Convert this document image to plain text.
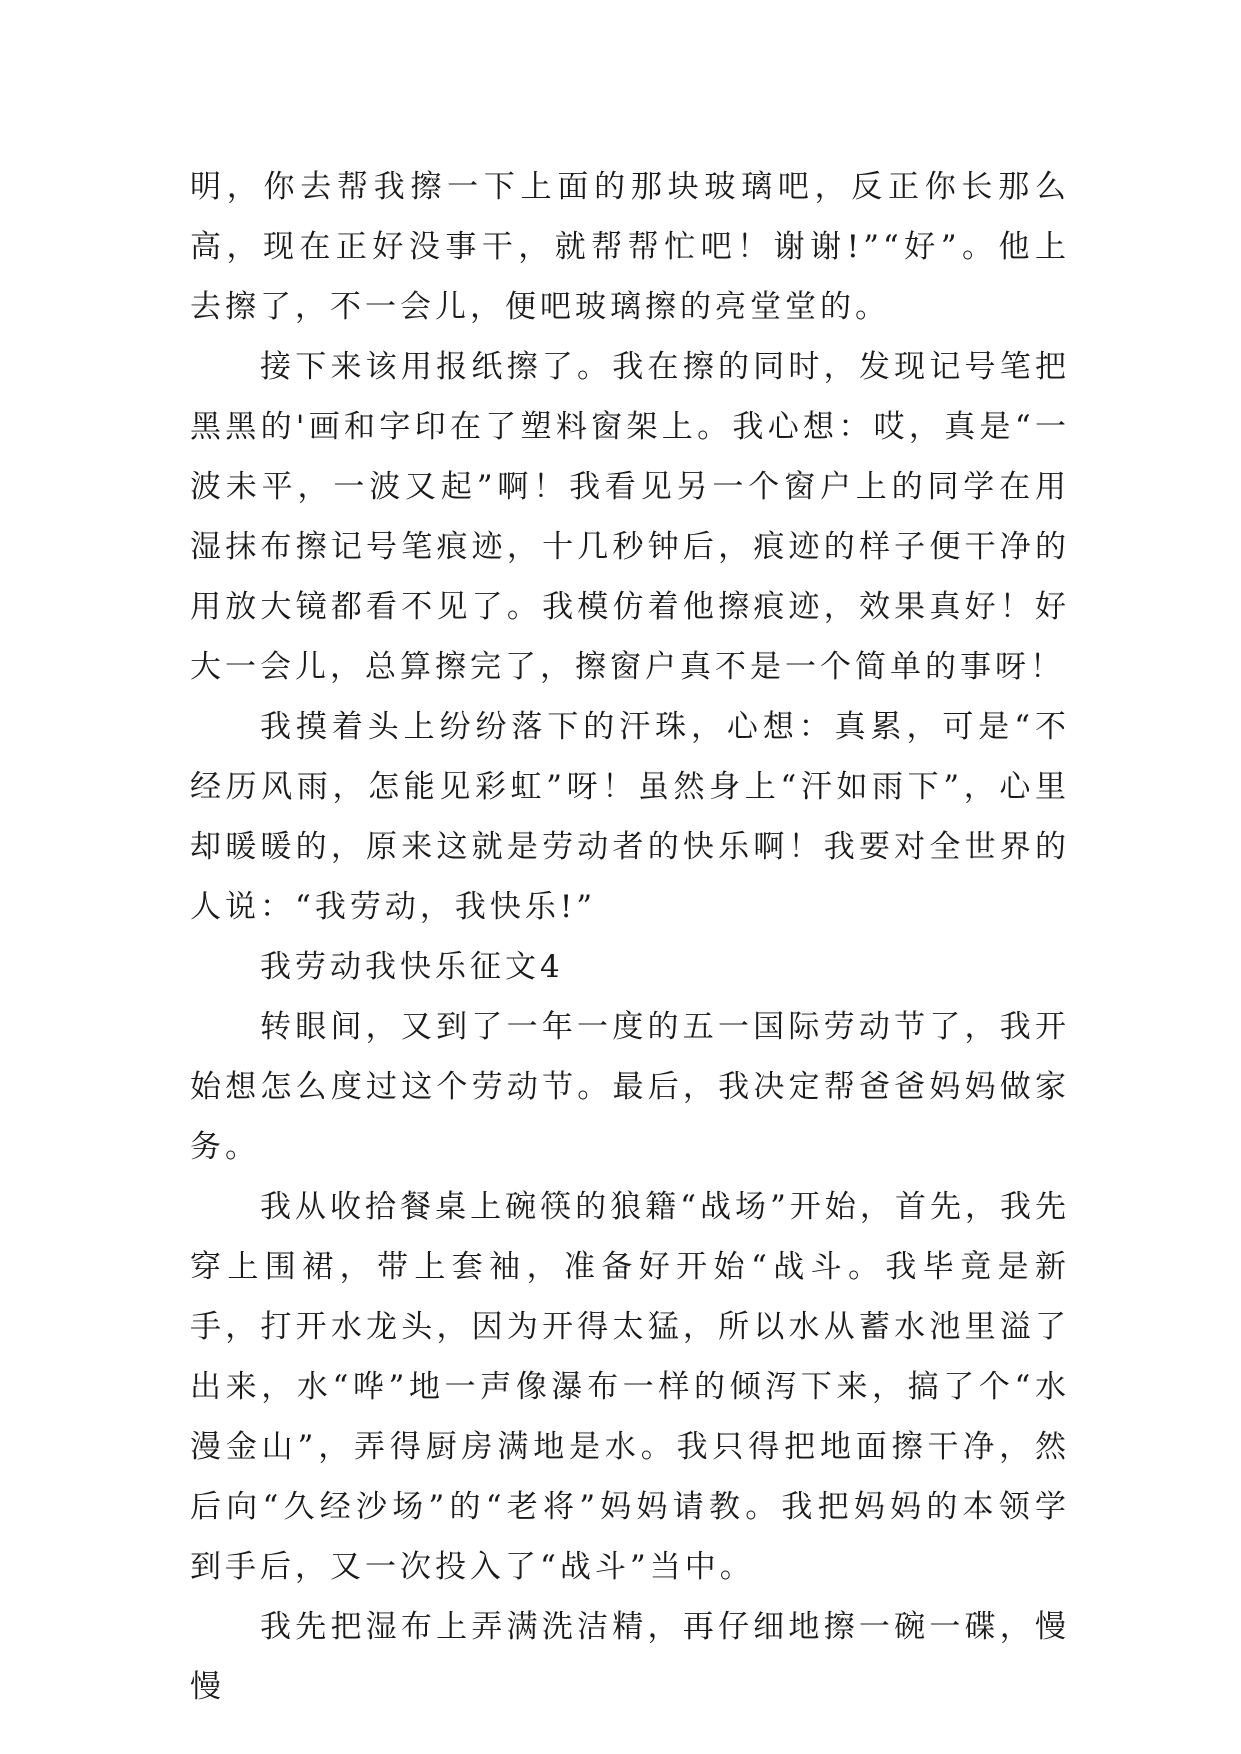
明，你去帮我擦一下上面的那块玻璃吧，反正你长那么高，现在正好没事干，就帮帮忙吧！谢谢!”“好”。他上去擦了，不一会儿，便吧玻璃擦的亮堂堂的。

接下来该用报纸擦了。我在擦的同时，发现记号笔把黑黑的'画和字印在了塑料窗架上。我心想：哎，真是“一波未平，一波又起”啊！我看见另一个窗户上的同学在用湿抹布擦记号笔痕迹，十几秒钟后，痕迹的样子便干净的用放大镜都看不见了。我模仿着他擦痕迹，效果真好！好大一会儿，总算擦完了，擦窗户真不是一个简单的事呀！

我摸着头上纷纷落下的汗珠，心想：真累，可是“不经历风雨，怎能见彩虹”呀！虽然身上“汗如雨下”，心里却暖暖的，原来这就是劳动者的快乐啊！我要对全世界的人说：“我劳动，我快乐!”

我劳动我快乐征文4

转眼间，又到了一年一度的五一国际劳动节了，我开始想怎么度过这个劳动节。最后，我决定帮爸爸妈妈做家务。

我从收拾餐桌上碗筷的狼籍“战场”开始，首先，我先穿上围裙，带上套袖，准备好开始“战斗。我毕竟是新手，打开水龙头，因为开得太猛，所以水从蓄水池里溢了出来，水“哗”地一声像瀑布一样的倾泻下来，搞了个“水漫金山”，弄得厨房满地是水。我只得把地面擦干净，然后向“久经沙场”的“老将”妈妈请教。我把妈妈的本领学到手后，又一次投入了“战斗”当中。

我先把湿布上弄满洗洁精，再仔细地擦一碗一碟，慢慢
